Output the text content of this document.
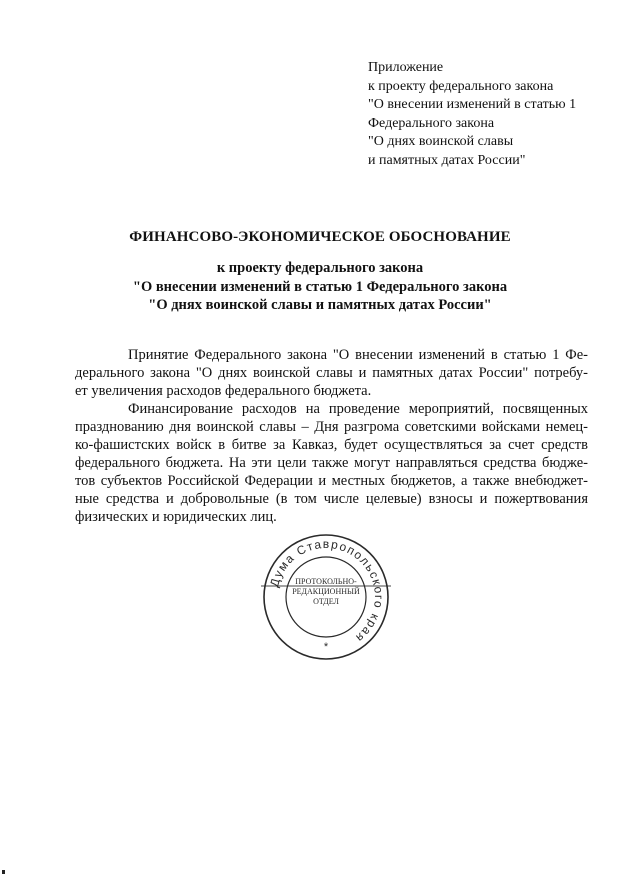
Приложение
к проекту федерального закона
"О внесении изменений в статью 1
Федерального закона
"О днях воинской славы
и памятных датах России"
ФИНАНСОВО-ЭКОНОМИЧЕСКОЕ ОБОСНОВАНИЕ
к проекту федерального закона
"О внесении изменений в статью 1 Федерального закона
"О днях воинской славы и памятных датах России"
Принятие Федерального закона "О внесении изменений в статью 1 Фе-
дерального закона "О днях воинской славы и памятных датах России" потребу-
ет увеличения расходов федерального бюджета.
Финансирование расходов на проведение мероприятий, посвященных
празднованию дня воинской славы – Дня разгрома советскими войсками немец-
ко-фашистских войск в битве за Кавказ, будет осуществляться за счет средств
федерального бюджета. На эти цели также могут направляться средства бюдже-
тов субъектов Российской Федерации и местных бюджетов, а также внебюджет-
ные средства и добровольные (в том числе целевые) взносы и пожертвования
физических и юридических лиц.
Дума Ставропольского края
ПРОТОКОЛЬНО-
РЕДАКЦИОННЫЙ
ОТДЕЛ
*
